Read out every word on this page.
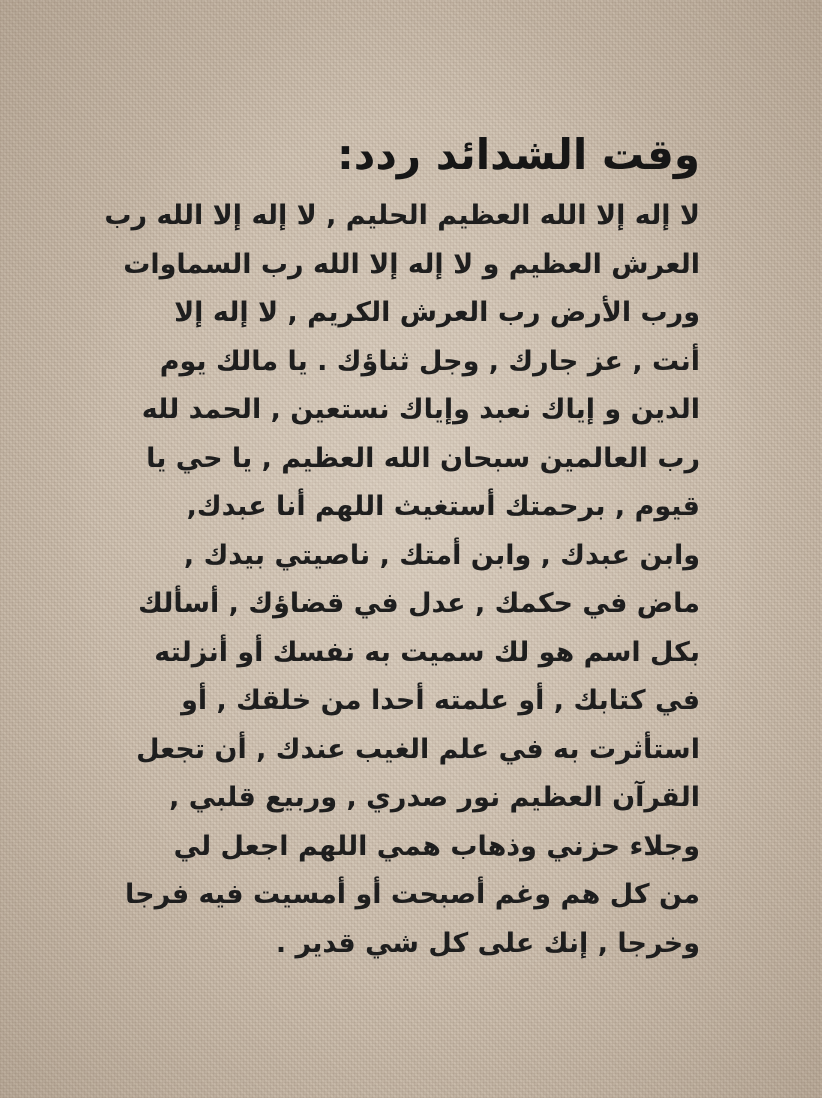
وقت الشدائد ردد:
لا إله إلا الله العظيم الحليم , لا إله إلا الله رب
العرش العظيم و لا إله إلا الله رب السماوات
ورب الأرض رب العرش الكريم , لا إله إلا
أنت , عز جارك , وجل ثناؤك . يا مالك يوم
الدين و إياك نعبد وإياك نستعين , الحمد لله
رب العالمين سبحان الله العظيم , يا حي يا
قيوم , برحمتك أستغيث اللهم أنا عبدك,
وابن عبدك , وابن أمتك , ناصيتي بيدك ,
ماض في حكمك , عدل في قضاؤك , أسألك
بكل اسم هو لك سميت به نفسك أو أنزلته
في كتابك , أو علمته أحدا من خلقك , أو
استأثرت به في علم الغيب عندك , أن تجعل
القرآن العظيم نور صدري , وربيع قلبي ,
وجلاء حزني وذهاب همي اللهم اجعل لي
من كل هم وغم أصبحت أو أمسيت فيه فرجا
وخرجا , إنك على كل شي قدير .
